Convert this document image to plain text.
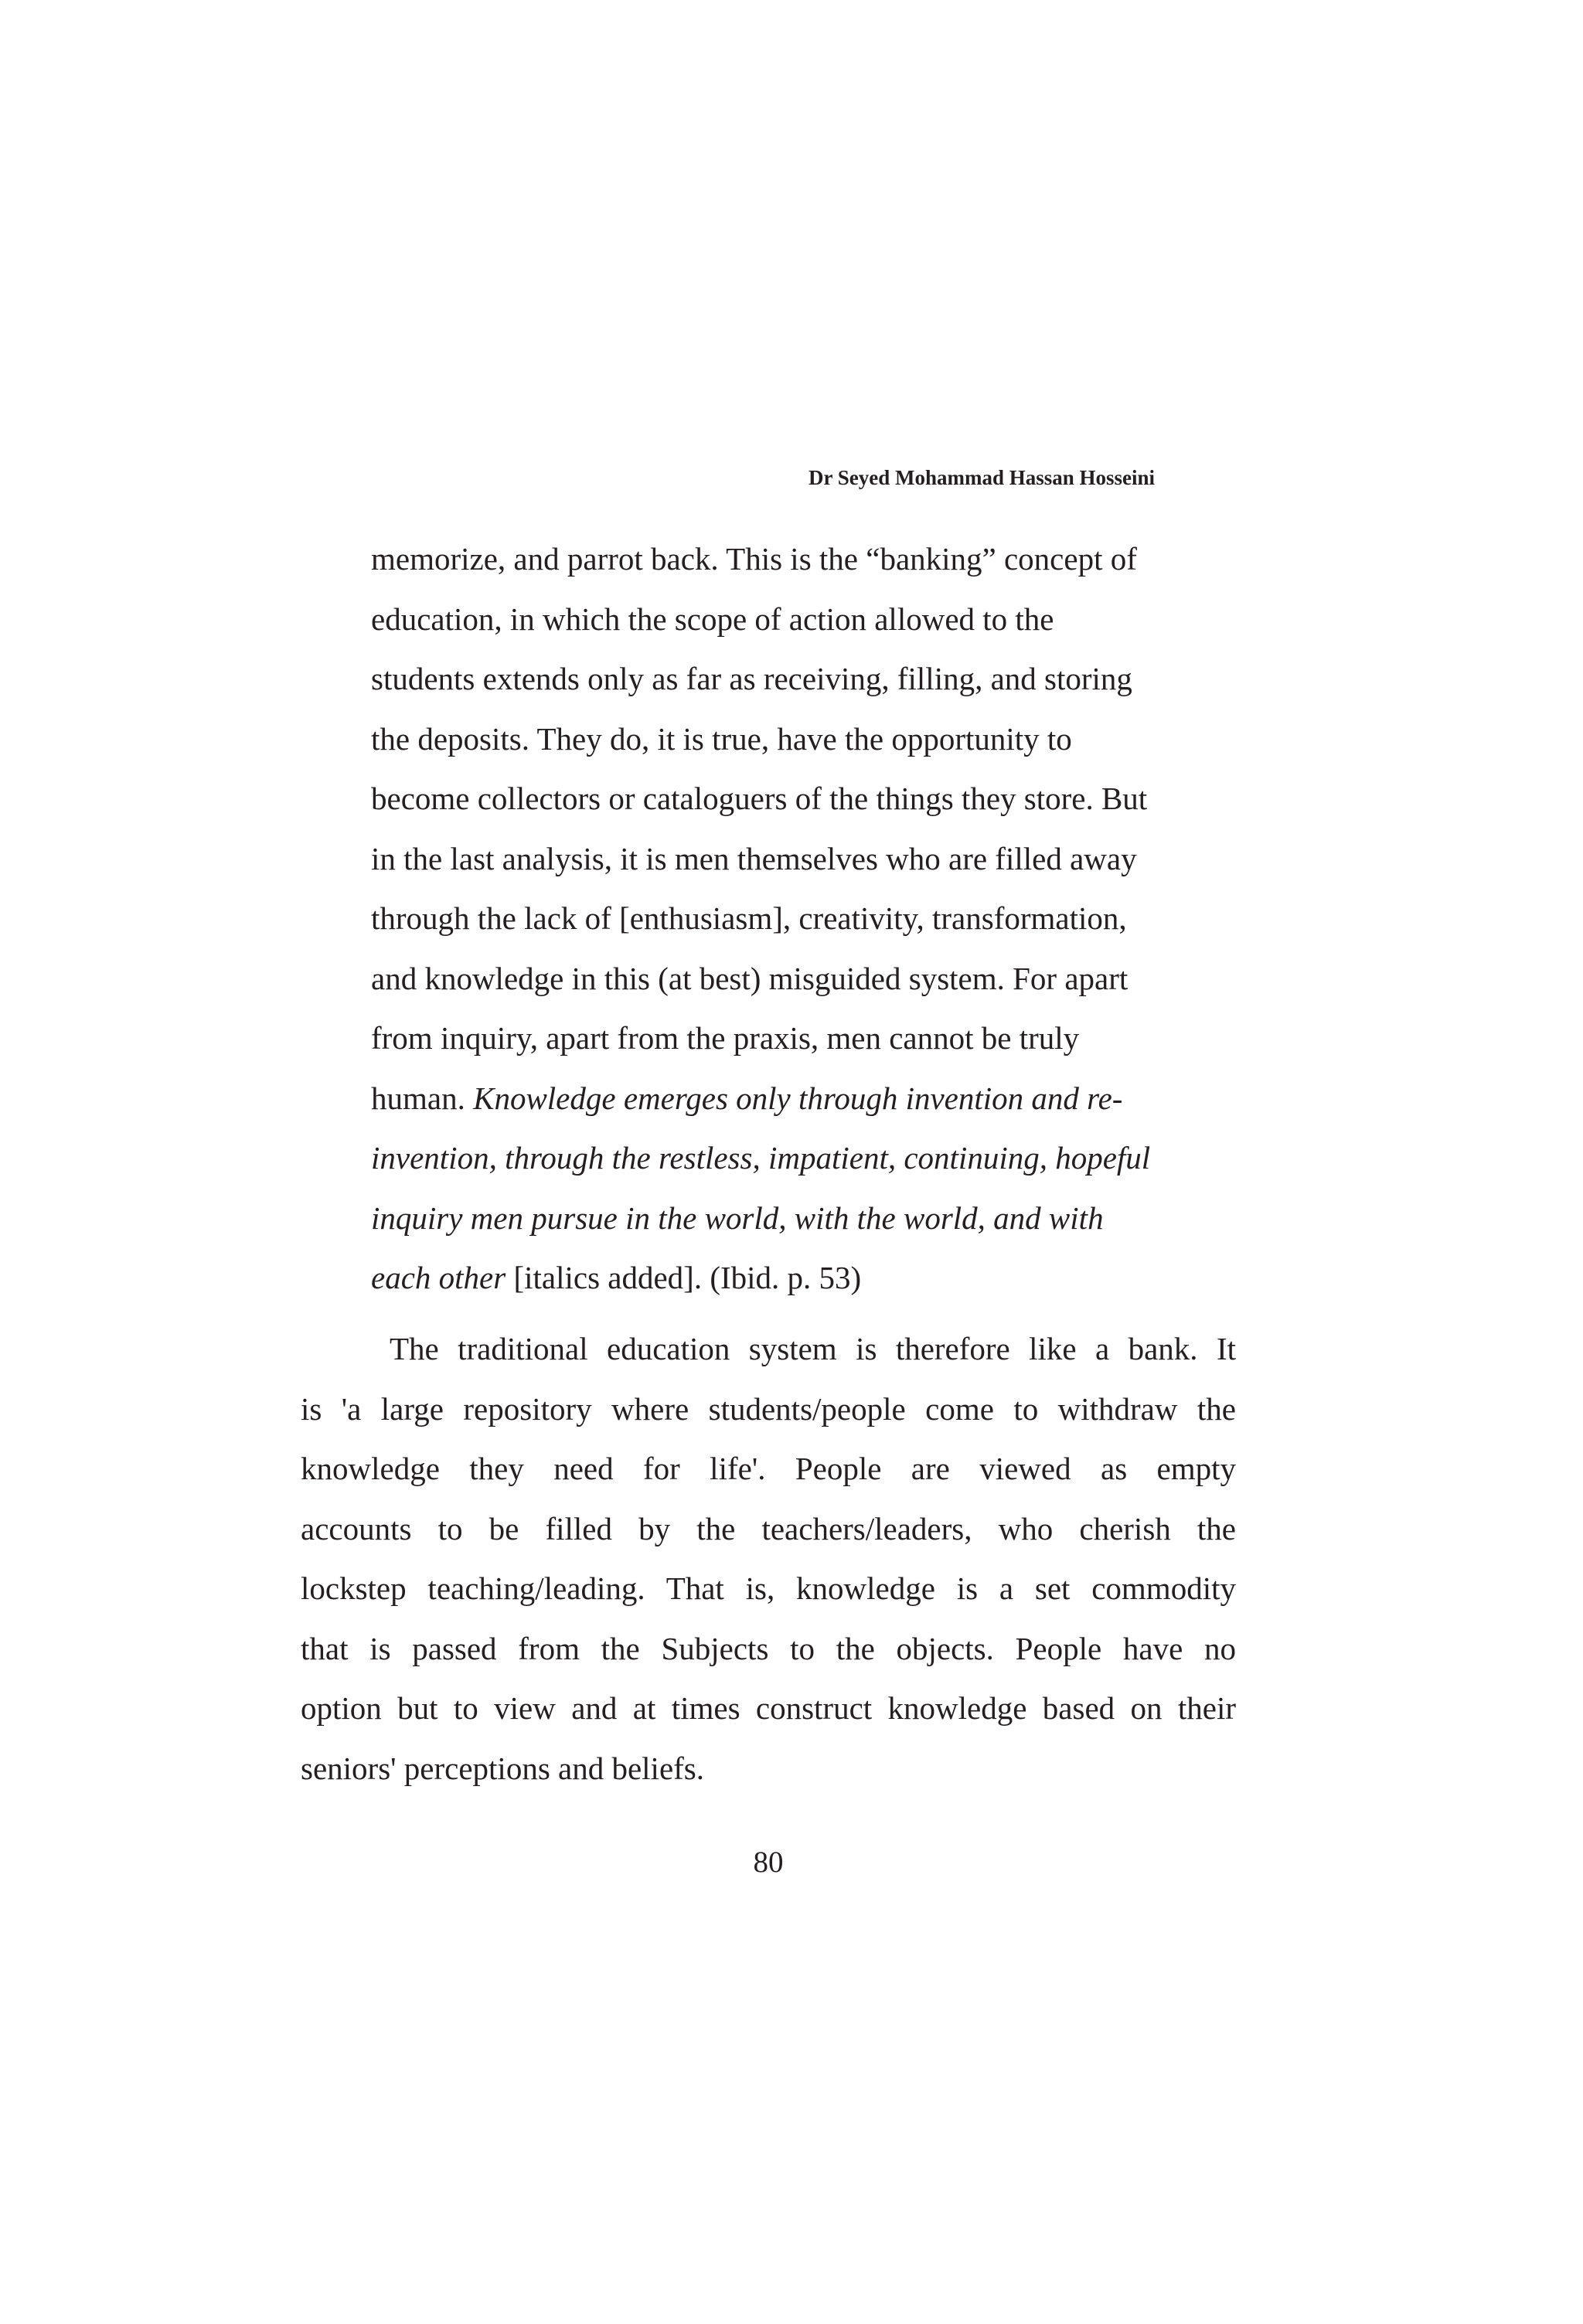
Dr Seyed Mohammad Hassan Hosseini
memorize, and parrot back. This is the “banking” concept of
education, in which the scope of action allowed to the
students extends only as far as receiving, filling, and storing
the deposits. They do, it is true, have the opportunity to
become collectors or cataloguers of the things they store. But
in the last analysis, it is men themselves who are filled away
through the lack of [enthusiasm], creativity, transformation,
and knowledge in this (at best) misguided system. For apart
from inquiry, apart from the praxis, men cannot be truly
human. Knowledge emerges only through invention and re-
invention, through the restless, impatient, continuing, hopeful
inquiry men pursue in the world, with the world, and with
each other [italics added]. (Ibid. p. 53)
The traditional education system is therefore like a bank. It
is 'a large repository where students/people come to withdraw the
knowledge they need for life'. People are viewed as empty
accounts to be filled by the teachers/leaders, who cherish the
lockstep teaching/leading. That is, knowledge is a set commodity
that is passed from the Subjects to the objects. People have no
option but to view and at times construct knowledge based on their
seniors' perceptions and beliefs.
80
